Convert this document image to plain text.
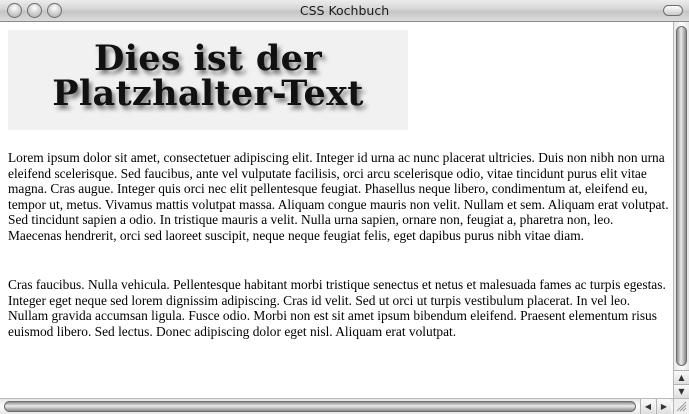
CSS Kochbuch
Dies ist der
Platzhalter-Text

Lorem ipsum dolor sit amet, consectetuer adipiscing elit. Integer id urna ac nunc placerat ultricies. Duis non nibh non urna eleifend scelerisque. Sed faucibus, ante vel vulputate facilisis, orci arcu scelerisque odio, vitae tincidunt purus elit vitae magna. Cras augue. Integer quis orci nec elit pellentesque feugiat. Phasellus neque libero, condimentum at, eleifend eu, tempor ut, metus. Vivamus mattis volutpat massa. Aliquam congue mauris non velit. Nullam et sem. Aliquam erat volutpat. Sed tincidunt sapien a odio. In tristique mauris a velit. Nulla urna sapien, ornare non, feugiat a, pharetra non, leo. Maecenas hendrerit, orci sed laoreet suscipit, neque neque feugiat felis, eget dapibus purus nibh vitae diam.

Cras faucibus. Nulla vehicula. Pellentesque habitant morbi tristique senectus et netus et malesuada fames ac turpis egestas. Integer eget neque sed lorem dignissim adipiscing. Cras id velit. Sed ut orci ut turpis vestibulum placerat. In vel leo. Nullam gravida accumsan ligula. Fusce odio. Morbi non est sit amet ipsum bibendum eleifend. Praesent elementum risus euismod libero. Sed lectus. Donec adipiscing dolor eget nisl. Aliquam erat volutpat.

▲
▼
◀	▶
